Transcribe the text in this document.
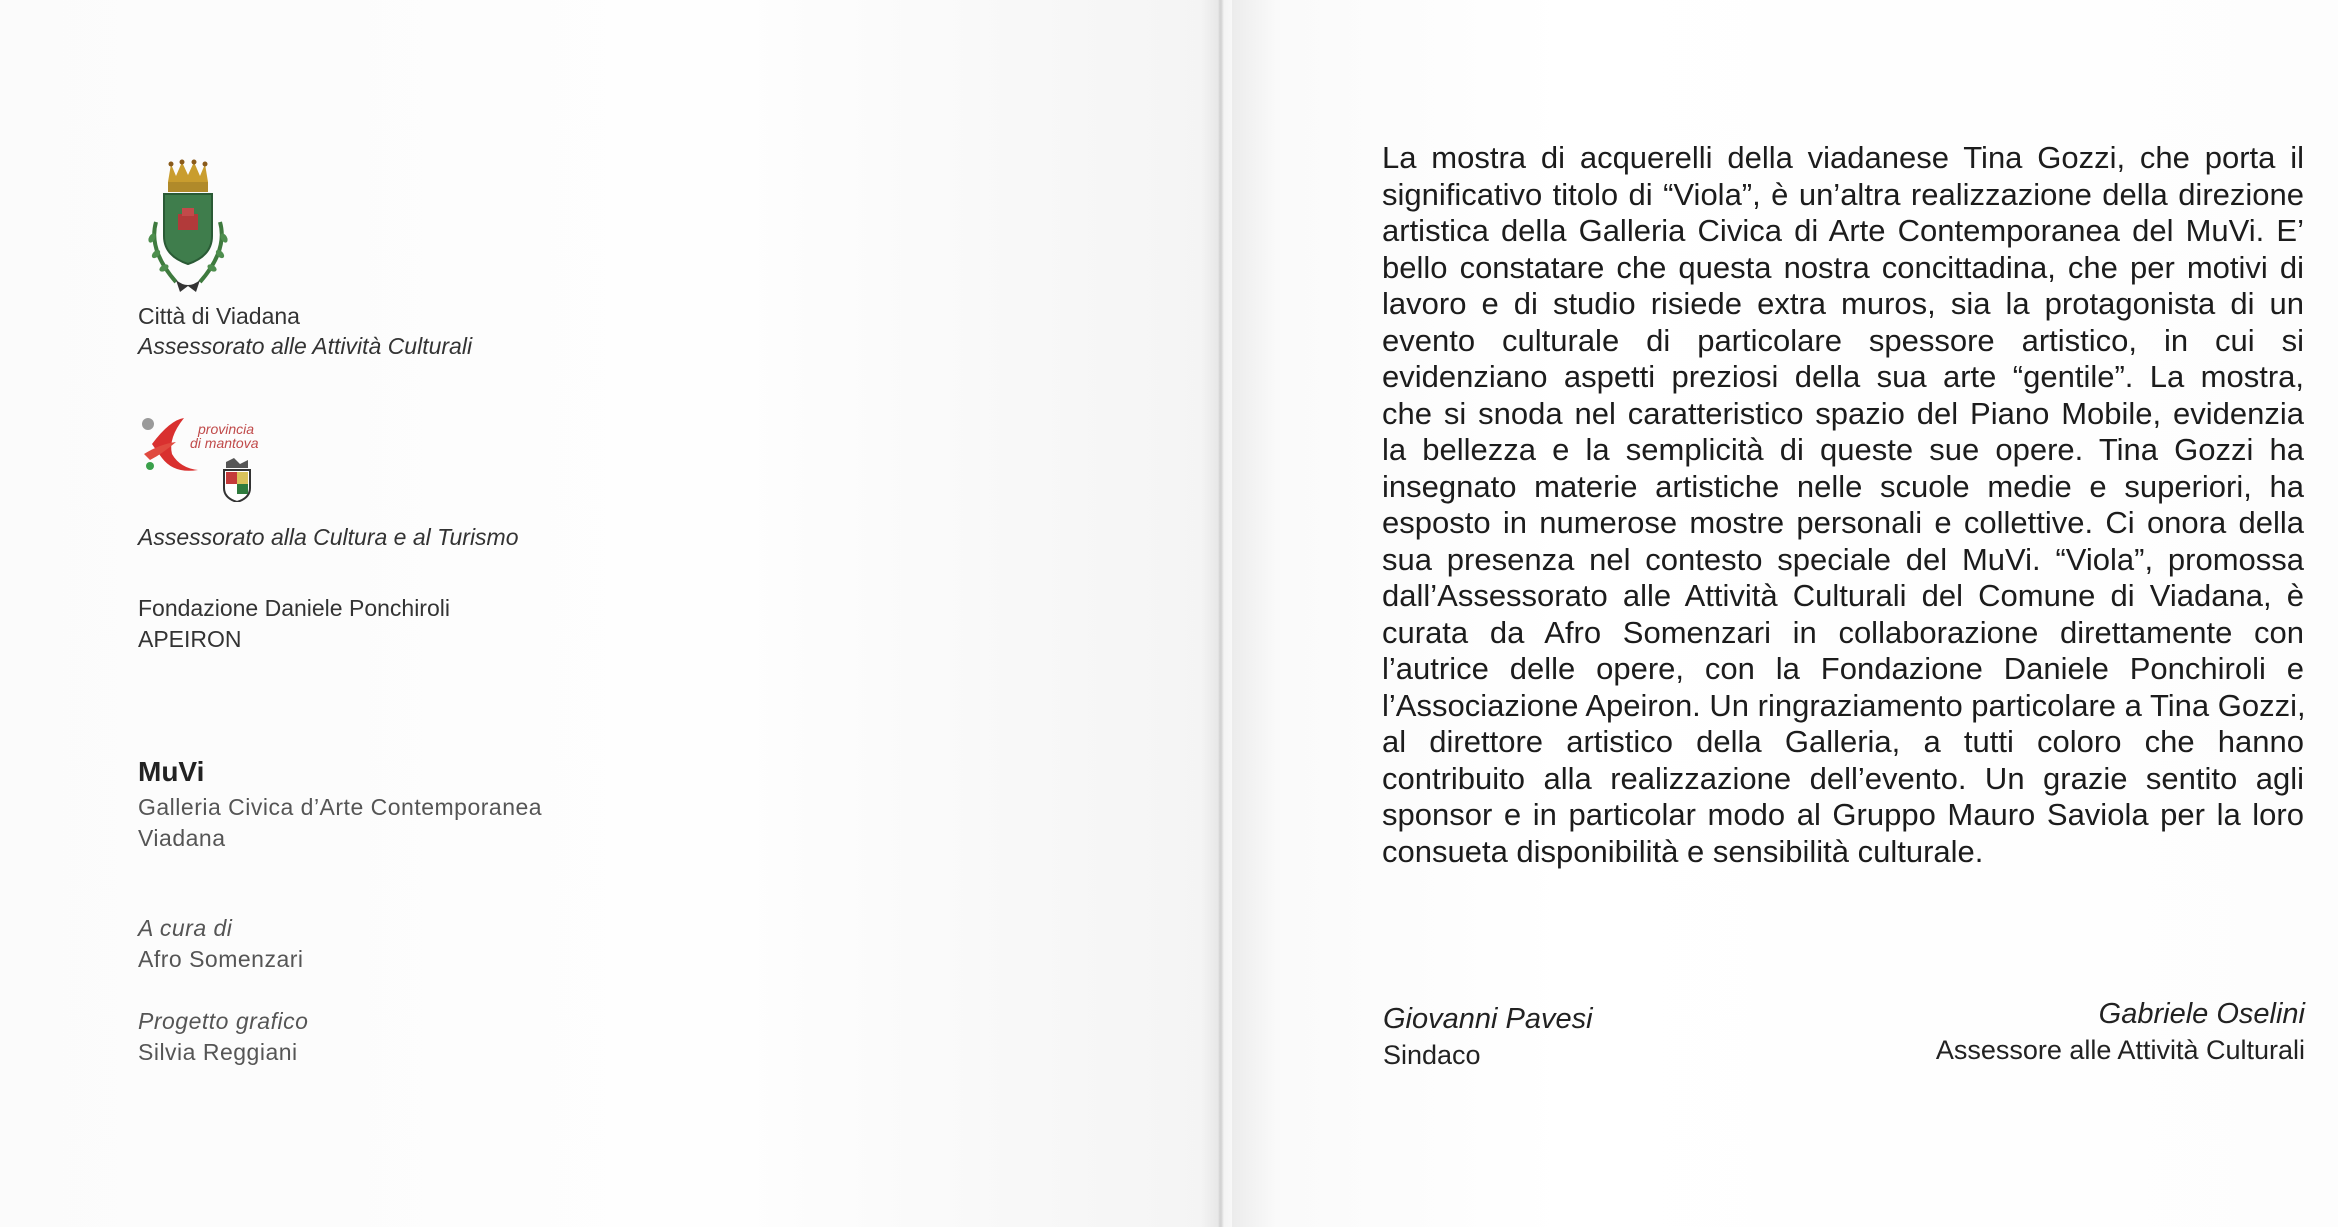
Città di Viadana
Assessorato alle Attività Culturali
provincia
di mantova
Assessorato alla Cultura e al Turismo
Fondazione Daniele Ponchiroli
APEIRON
MuVi
Galleria Civica d’Arte Contemporanea
Viadana
A cura di
Afro Somenzari
Progetto grafico
Silvia Reggiani
La mostra di acquerelli della viadanese Tina Gozzi, che porta il
significativo titolo di “Viola”, è un’altra realizzazione della direzione
artistica della Galleria Civica di Arte Contemporanea del MuVi. E’
bello constatare che questa nostra concittadina, che per motivi di
lavoro e di studio risiede extra muros, sia la protagonista di un
evento culturale di particolare spessore artistico, in cui si
evidenziano aspetti preziosi della sua arte “gentile”. La mostra,
che si snoda nel caratteristico spazio del Piano Mobile, evidenzia
la bellezza e la semplicità di queste sue opere. Tina Gozzi ha
insegnato materie artistiche nelle scuole medie e superiori, ha
esposto in numerose mostre personali e collettive. Ci onora della
sua presenza nel contesto speciale del MuVi. “Viola”, promossa
dall’Assessorato alle Attività Culturali del Comune di Viadana, è
curata da Afro Somenzari in collaborazione direttamente con
l’autrice delle opere, con la Fondazione Daniele Ponchiroli e
l’Associazione Apeiron. Un ringraziamento particolare a Tina Gozzi,
al direttore artistico della Galleria, a tutti coloro che hanno
contribuito alla realizzazione dell’evento. Un grazie sentito agli
sponsor e in particolar modo al Gruppo Mauro Saviola per la loro
consueta disponibilità e sensibilità culturale.
Giovanni Pavesi
Sindaco
Gabriele Oselini
Assessore alle Attività Culturali
